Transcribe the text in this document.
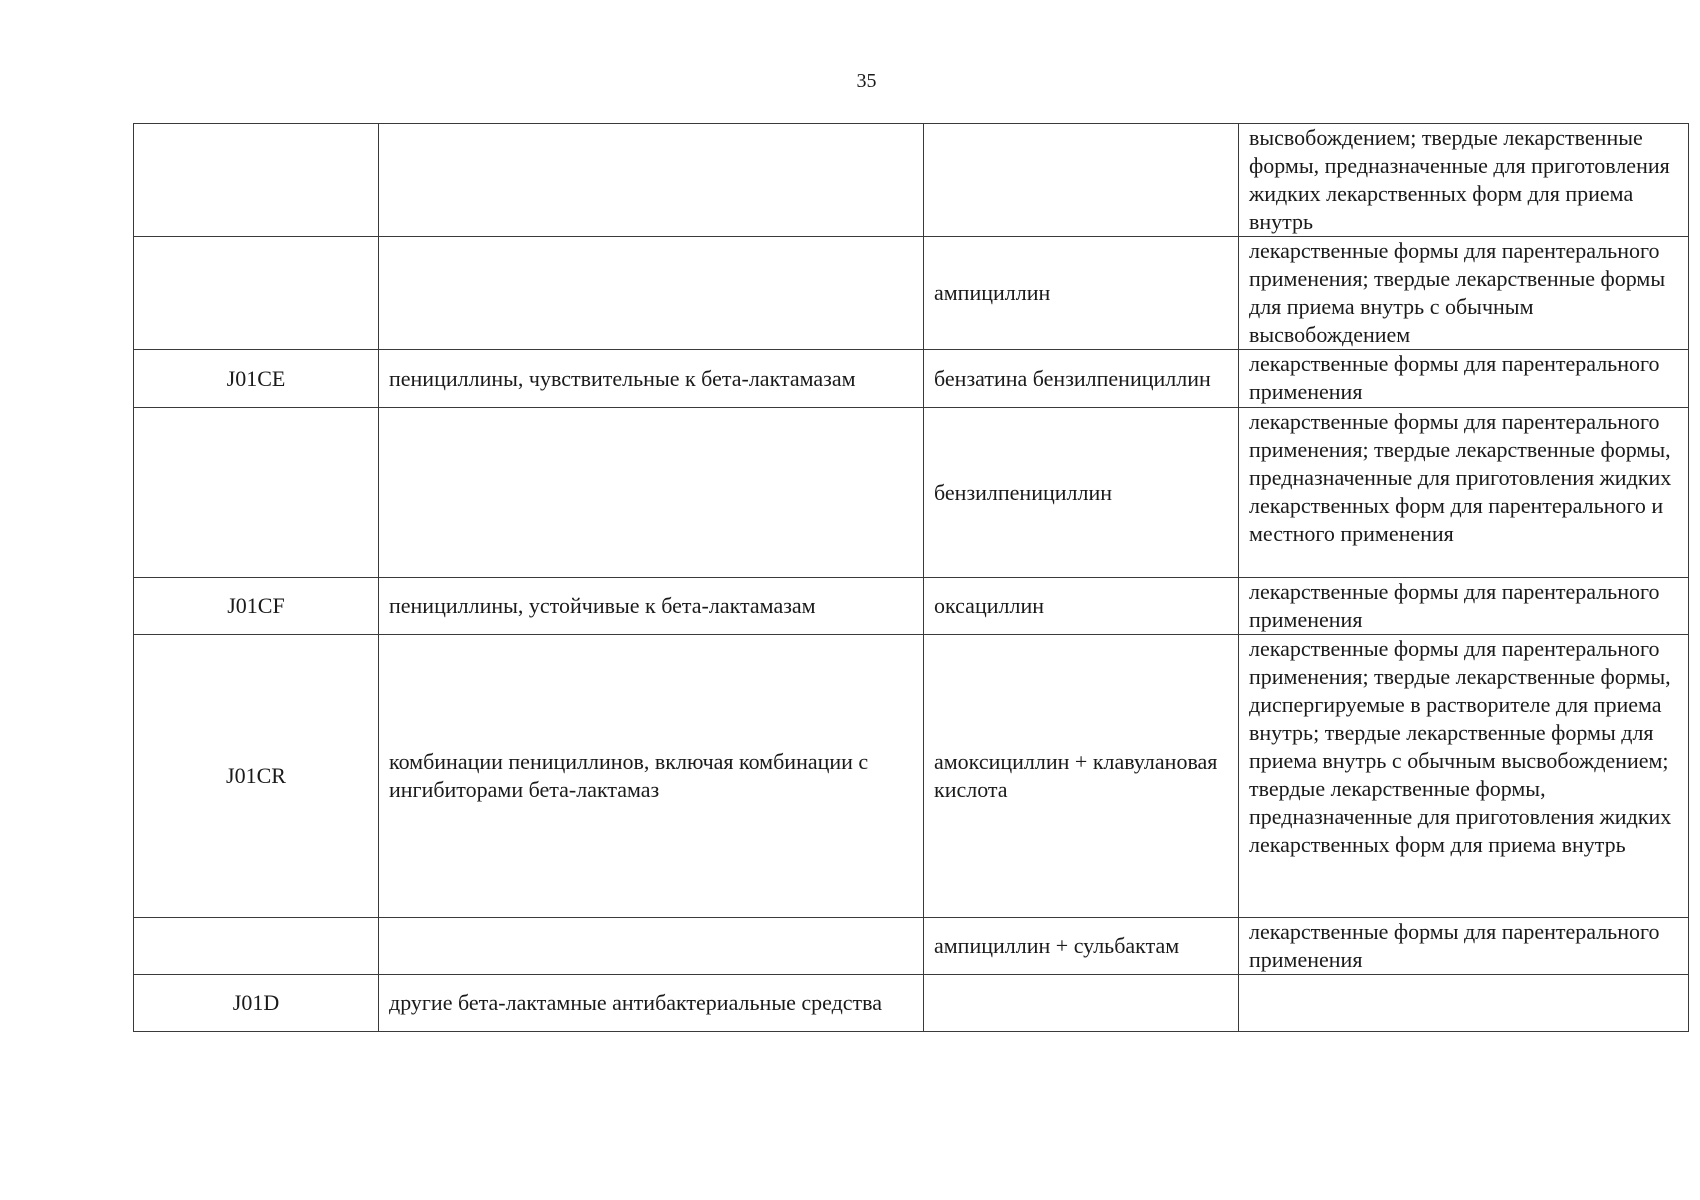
35
			высвобождением; твердые лекарственные формы, предназначенные для приготовления жидких лекарственных форм для приема внутрь
		ампициллин	лекарственные формы для парентерального применения; твердые лекарственные формы для приема внутрь с обычным высвобождением
J01CE	пенициллины, чувствительные к бета-лактамазам	бензатина бензилпенициллин	лекарственные формы для парентерального применения
		бензилпенициллин	лекарственные формы для парентерального применения; твердые лекарственные формы, предназначенные для приготовления жидких лекарственных форм для парентерального и местного применения
J01CF	пенициллины, устойчивые к бета-лактамазам	оксациллин	лекарственные формы для парентерального применения
J01CR	комбинации пенициллинов, включая комбинации с ингибиторами бета-лактамаз	амоксициллин + клавулановая кислота	лекарственные формы для парентерального применения; твердые лекарственные формы, диспергируемые в растворителе для приема внутрь; твердые лекарственные формы для приема внутрь с обычным высвобождением; твердые лекарственные формы, предназначенные для приготовления жидких лекарственных форм для приема внутрь
		ампициллин + сульбактам	лекарственные формы для парентерального применения
J01D	другие бета-лактамные антибактериальные средства		
